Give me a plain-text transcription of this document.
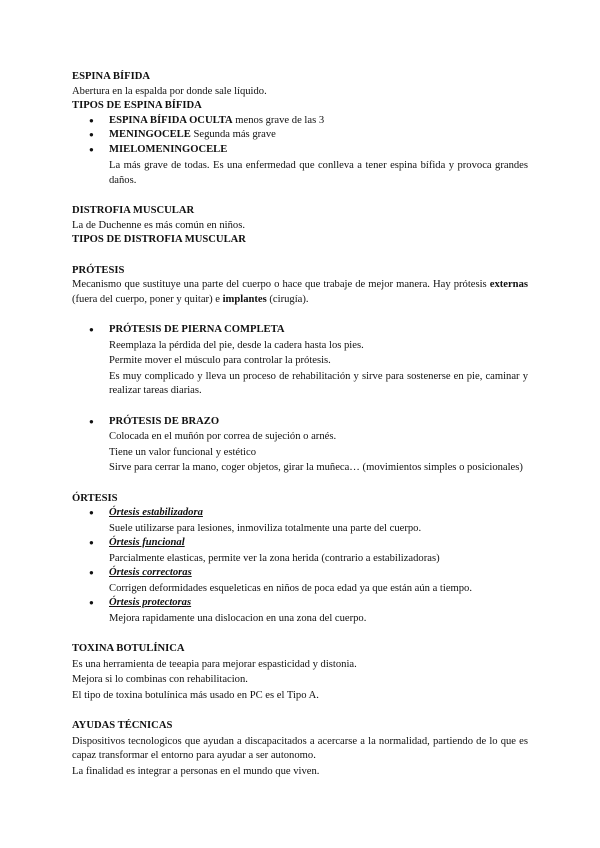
ESPINA BÍFIDA
Abertura en la espalda por donde sale líquido.
TIPOS DE ESPINA BÍFIDA
● ESPINA BÍFIDA OCULTA menos grave de las 3
● MENINGOCELE Segunda más grave
● MIELOMENINGOCELE
La más grave de todas. Es una enfermedad que conlleva a tener espina bífida y provoca grandes daños.
DISTROFIA MUSCULAR
La de Duchenne es más común en niños.
TIPOS DE DISTROFIA MUSCULAR
PRÓTESIS
Mecanismo que sustituye una parte del cuerpo o hace que trabaje de mejor manera. Hay prótesis externas (fuera del cuerpo, poner y quitar) e implantes (cirugía).
● PRÓTESIS DE PIERNA COMPLETA
Reemplaza la pérdida del pie, desde la cadera hasta los pies.
Permite mover el músculo para controlar la prótesis.
Es muy complicado y lleva un proceso de rehabilitación y sirve para sostenerse en pie, caminar y realizar tareas diarias.
● PRÓTESIS DE BRAZO
Colocada en el muñón por correa de sujeción o arnés.
Tiene un valor funcional y estético
Sirve para cerrar la mano, coger objetos, girar la muñeca… (movimientos simples o posicionales)
ÓRTESIS
● Órtesis estabilizadora
Suele utilizarse para lesiones, inmoviliza totalmente una parte del cuerpo.
● Órtesis funcional
Parcialmente elasticas, permite ver la zona herida (contrario a estabilizadoras)
● Órtesis correctoras
Corrigen deformidades esqueleticas en niños de poca edad ya que están aún a tiempo.
● Órtesis protectoras
Mejora rapidamente una dislocacion en una zona del cuerpo.
TOXINA BOTULÍNICA
Es una herramienta de teeapia para mejorar espasticidad y distonia.
Mejora si lo combinas con rehabilitacion.
El tipo de toxina botulínica más usado en PC es el Tipo A.
AYUDAS TÉCNICAS
Dispositivos tecnologicos que ayudan a discapacitados a acercarse a la normalidad, partiendo de lo que es capaz transformar el entorno para ayudar a ser autonomo.
La finalidad es integrar a personas en el mundo que viven.
